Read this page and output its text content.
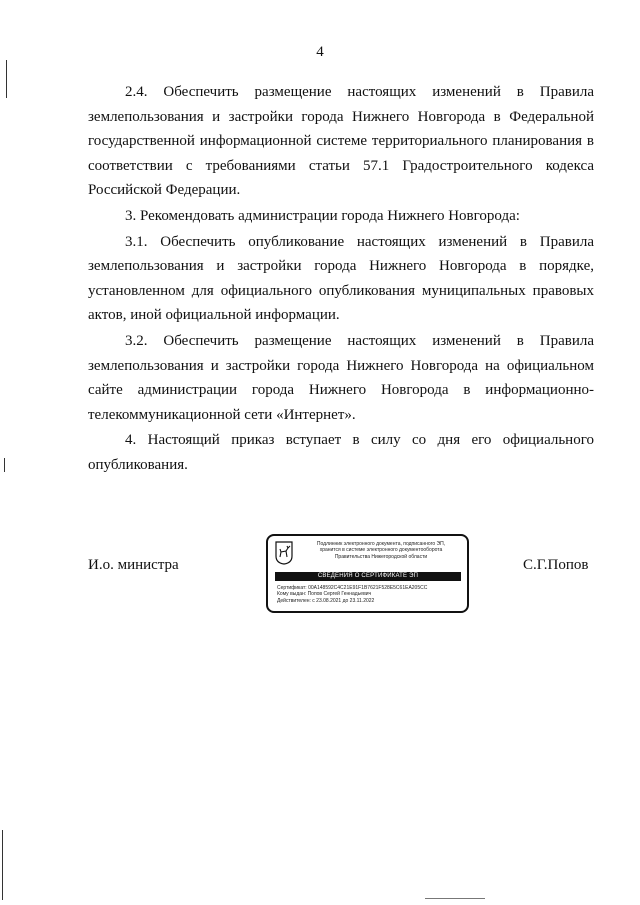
4

2.4. Обеспечить размещение настоящих изменений в Правила землепользования и застройки города Нижнего Новгорода в Федеральной государственной информационной системе территориального планирования в соответствии с требованиями статьи 57.1 Градостроительного кодекса Российской Федерации.

3. Рекомендовать администрации города Нижнего Новгорода:

3.1. Обеспечить опубликование настоящих изменений в Правила землепользования и застройки города Нижнего Новгорода в порядке, установленном для официального опубликования муниципальных правовых актов, иной официальной информации.

3.2. Обеспечить размещение настоящих изменений в Правила землепользования и застройки города Нижнего Новгорода на официальном сайте администрации города Нижнего Новгорода в информационно-телекоммуникационной сети «Интернет».

4. Настоящий приказ вступает в силу со дня его официального опубликования.

И.о. министра
Подлинник электронного документа, подписанного ЭП,
хранится в системе электронного документооборота
Правительства Нижегородской области
СВЕДЕНИЯ О СЕРТИФИКАТЕ ЭП
Сертификат: 00A148592C4C21E91F1B7621F528E5C61EA205CC
Кому выдан: Попов Сергей Геннадьевич
Действителен: с 23.08.2021 до 23.11.2022
С.Г.Попов
